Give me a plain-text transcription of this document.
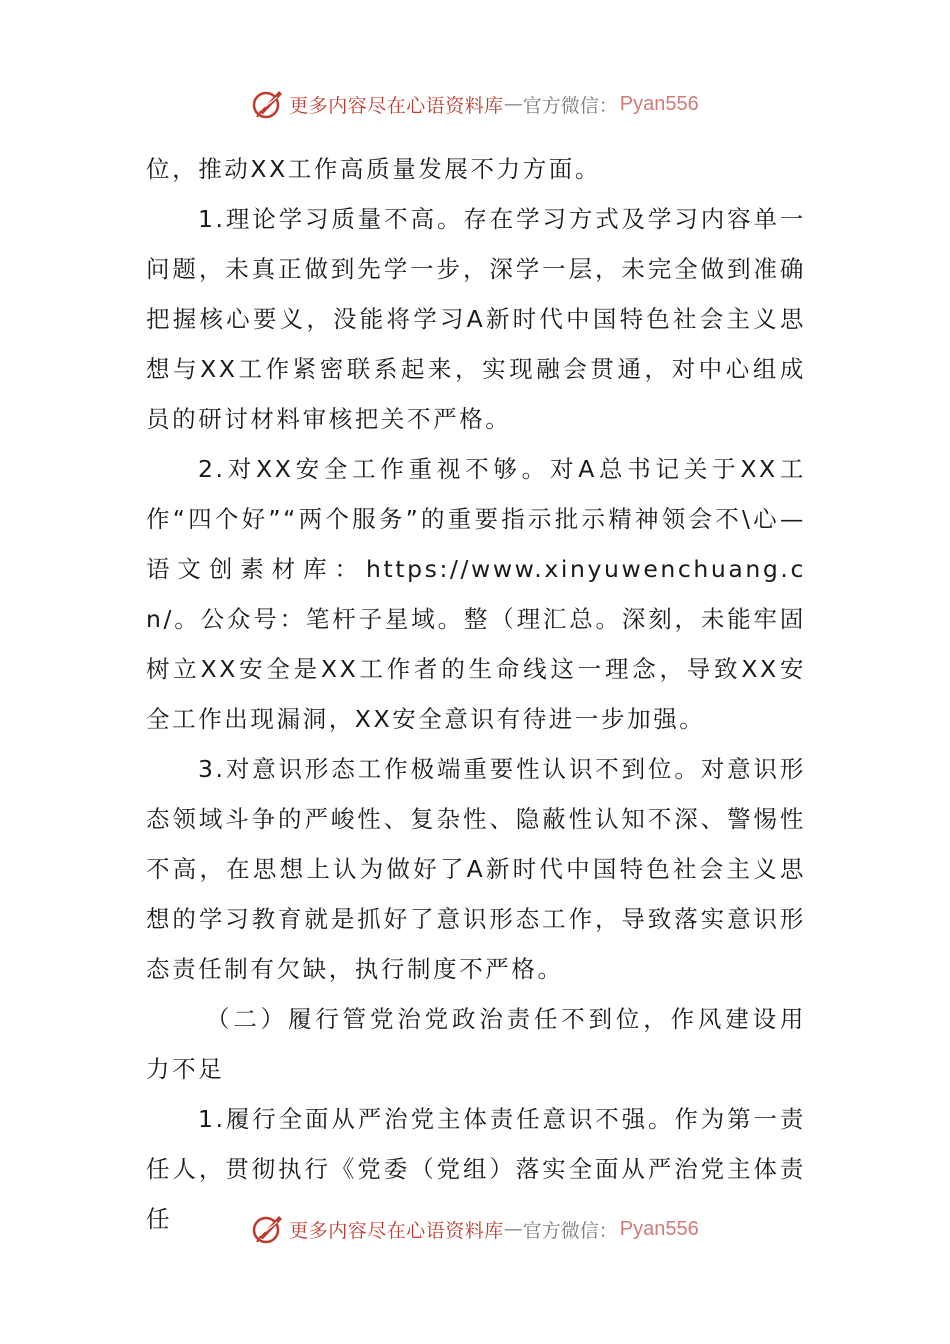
更多内容尽在心语资料库 — 官方微信： Pyan556

位，推动XX工作高质量发展不力方面。

1.理论学习质量不高。存在学习方式及学习内容单一问题，未真正做到先学一步，深学一层，未完全做到准确把握核心要义，没能将学习A新时代中国特色社会主义思想与XX工作紧密联系起来，实现融会贯通，对中心组成员的研讨材料审核把关不严格。

2.对XX安全工作重视不够。对A总书记关于XX工作“四个好”“两个服务”的重要指示批示精神领会不\心—语文创素材库：https://www.xinyuwenchuang.cn/。公众号：笔杆子星域。整（理汇总。深刻，未能牢固树立XX安全是XX工作者的生命线这一理念，导致XX安全工作出现漏洞，XX安全意识有待进一步加强。

3.对意识形态工作极端重要性认识不到位。对意识形态领域斗争的严峻性、复杂性、隐蔽性认知不深、警惕性不高，在思想上认为做好了A新时代中国特色社会主义思想的学习教育就是抓好了意识形态工作，导致落实意识形态责任制有欠缺，执行制度不严格。

（二）履行管党治党政治责任不到位，作风建设用力不足

1.履行全面从严治党主体责任意识不强。作为第一责任人，贯彻执行《党委（党组）落实全面从严治党主体责任	更多内容尽在心语资料库 — 官方微信： Pyan556
